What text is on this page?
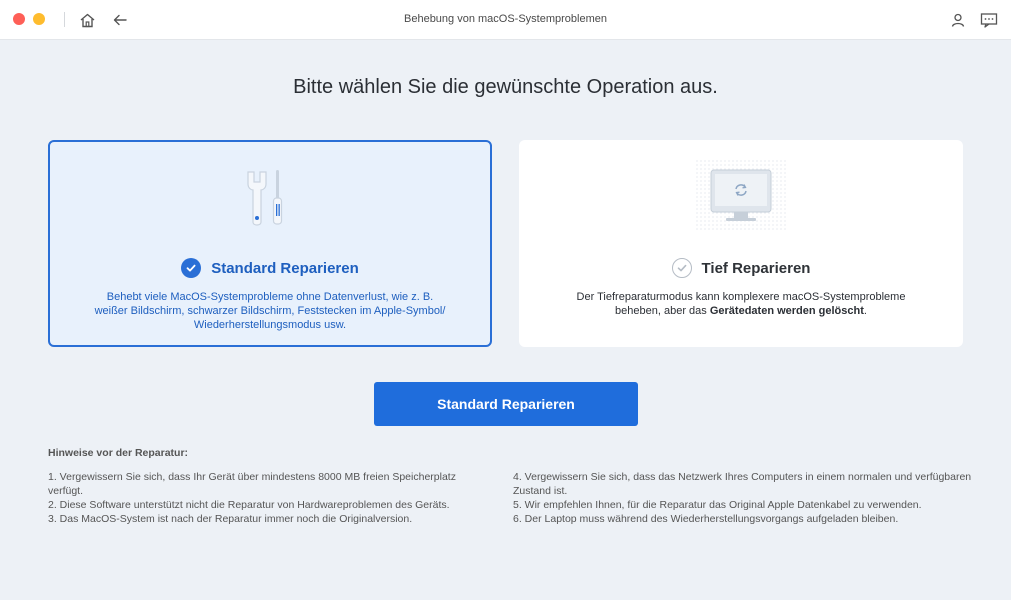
Behebung von macOS-Systemproblemen
Bitte wählen Sie die gewünschte Operation aus.
Standard Reparieren
Behebt viele MacOS-Systemprobleme ohne Datenverlust, wie z. B. weißer Bildschirm, schwarzer Bildschirm, Feststecken im Apple-Symbol/ Wiederherstellungsmodus usw.
Tief Reparieren
Der Tiefreparaturmodus kann komplexere macOS-Systemprobleme beheben, aber das Gerätedaten werden gelöscht.
Standard Reparieren
Hinweise vor der Reparatur:
1. Vergewissern Sie sich, dass Ihr Gerät über mindestens 8000 MB freien Speicherplatz verfügt.
2. Diese Software unterstützt nicht die Reparatur von Hardwareproblemen des Geräts.
3. Das MacOS-System ist nach der Reparatur immer noch die Originalversion.
4. Vergewissern Sie sich, dass das Netzwerk Ihres Computers in einem normalen und verfügbaren Zustand ist.
5. Wir empfehlen Ihnen, für die Reparatur das Original Apple Datenkabel zu verwenden.
6. Der Laptop muss während des Wiederherstellungsvorgangs aufgeladen bleiben.
